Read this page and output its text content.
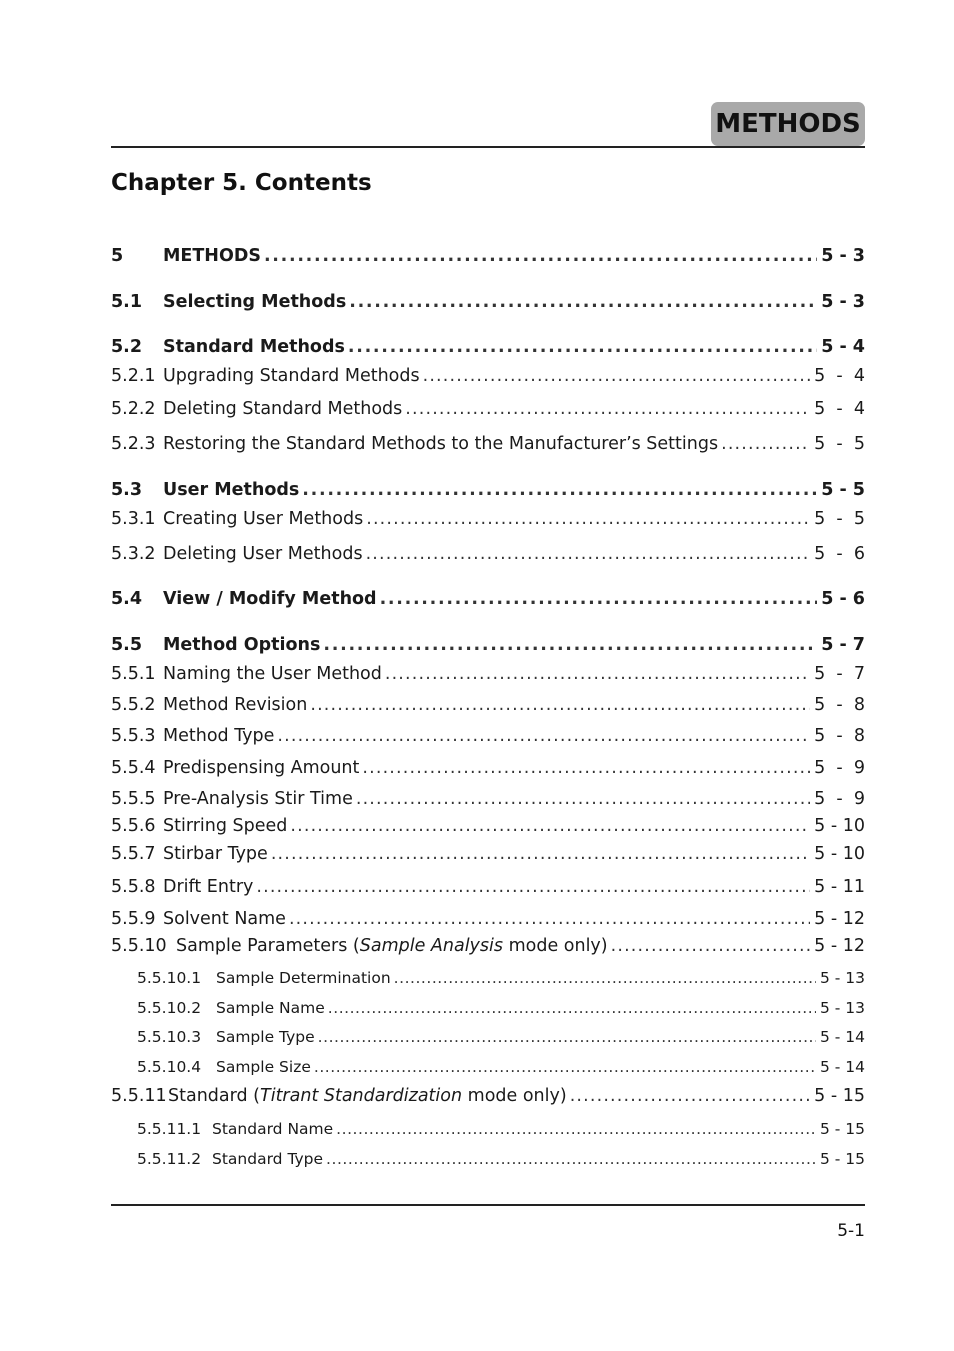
METHODS
Chapter 5. Contents
5	METHODS . . .	5 - 3
5.1	Selecting Methods . . .	5 - 3
5.2	Standard Methods . . .	5 - 4
5.2.1 Upgrading Standard Methods . . .	5  -  4
5.2.2 Deleting Standard Methods . . .	5  -  4
5.2.3 Restoring the Standard Methods to the Manufacturer’s Settings . . .	5  -  5
5.3	User Methods . . .	5 - 5
5.3.1 Creating User Methods . . .	5  -  5
5.3.2 Deleting User Methods . . .	5  -  6
5.4	View / Modify Method . . .	5 - 6
5.5	Method Options . . .	5 - 7
5.5.1 Naming the User Method . . .	5  -  7
5.5.2 Method Revision . . .	5  -  8
5.5.3 Method Type . . .	5  -  8
5.5.4 Predispensing Amount . . .	5  -  9
5.5.5 Pre-Analysis Stir Time . . .	5  -  9
5.5.6 Stirring Speed . . .	5 - 10
5.5.7 Stirbar Type . . .	5 - 10
5.5.8 Drift Entry . . .	5 - 11
5.5.9 Solvent Name . . .	5 - 12
5.5.10 Sample Parameters (Sample Analysis mode only) . . .	5 - 12
5.5.10.1 Sample Determination . . .	5 - 13
5.5.10.2 Sample Name . . .	5 - 13
5.5.10.3 Sample Type . . .	5 - 14
5.5.10.4 Sample Size . . .	5 - 14
5.5.11 Standard (Titrant Standardization mode only) . . .	5 - 15
5.5.11.1 Standard Name . . .	5 - 15
5.5.11.2 Standard Type . . .	5 - 15
5-1
